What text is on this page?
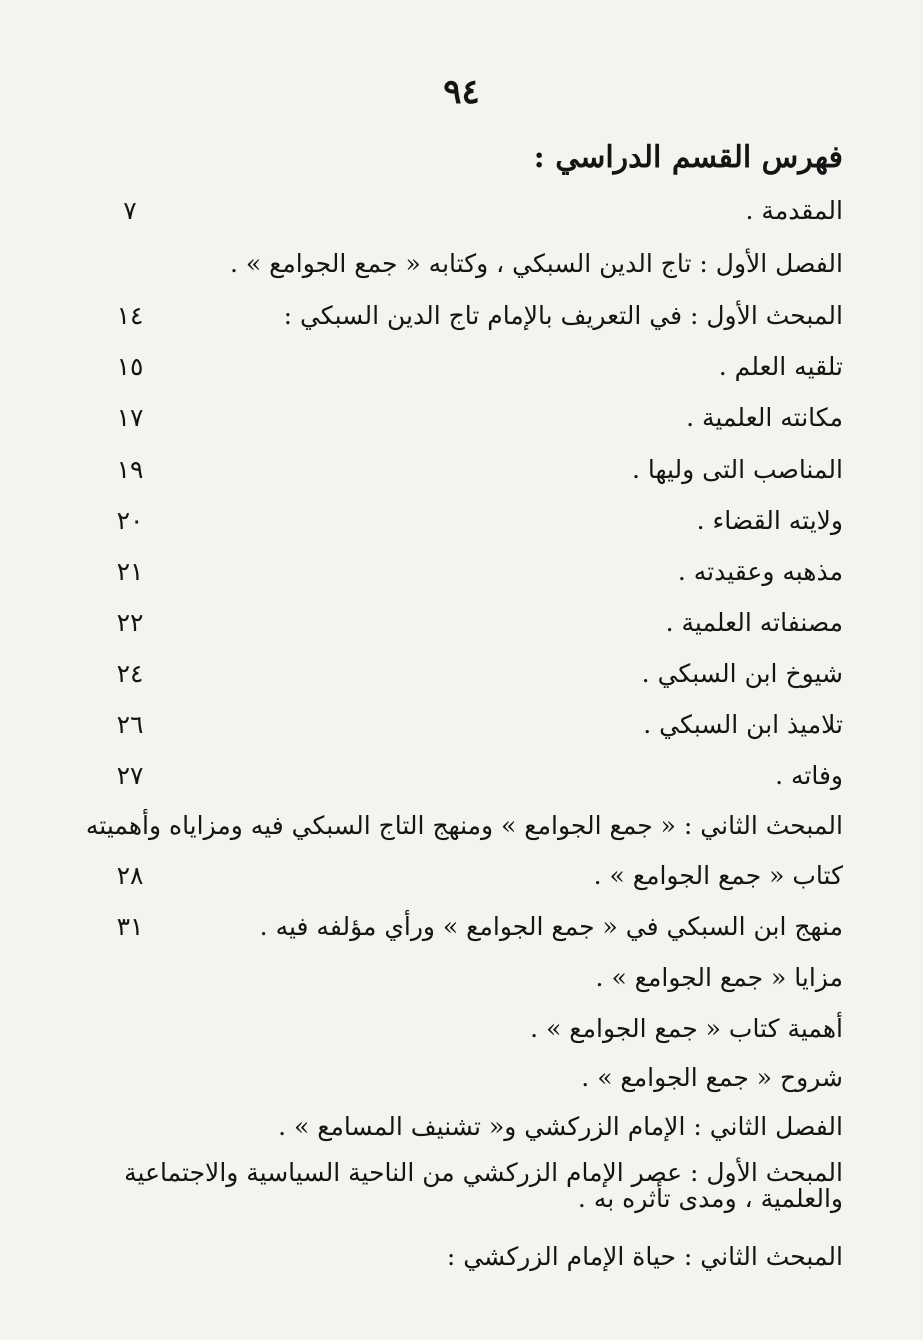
٩٤
فهرس القسم الدراسي :
المقدمة .
٧
الفصل الأول : تاج الدين السبكي ، وكتابه « جمع الجوامع » .
المبحث الأول : في التعريف بالإمام تاج الدين السبكي :
١٤
تلقيه العلم .
١٥
مكانته العلمية .
١٧
المناصب التى وليها .
١٩
ولايته القضاء .
٢٠
مذهبه وعقيدته .
٢١
مصنفاته العلمية .
٢٢
شيوخ ابن السبكي .
٢٤
تلاميذ ابن السبكي .
٢٦
وفاته .
٢٧
المبحث الثاني : « جمع الجوامع » ومنهج التاج السبكي فيه ومزاياه وأهميته
كتاب « جمع الجوامع » .
٢٨
منهج ابن السبكي في « جمع الجوامع » ورأي مؤلفه فيه .
٣١
مزايا « جمع الجوامع » .
أهمية كتاب « جمع الجوامع » .
شروح « جمع الجوامع » .
الفصل الثاني : الإمام الزركشي و« تشنيف المسامع » .
المبحث الأول : عصر الإمام الزركشي من الناحية السياسية والاجتماعية والعلمية ، ومدى تأثره به .
المبحث الثاني : حياة الإمام الزركشي :
